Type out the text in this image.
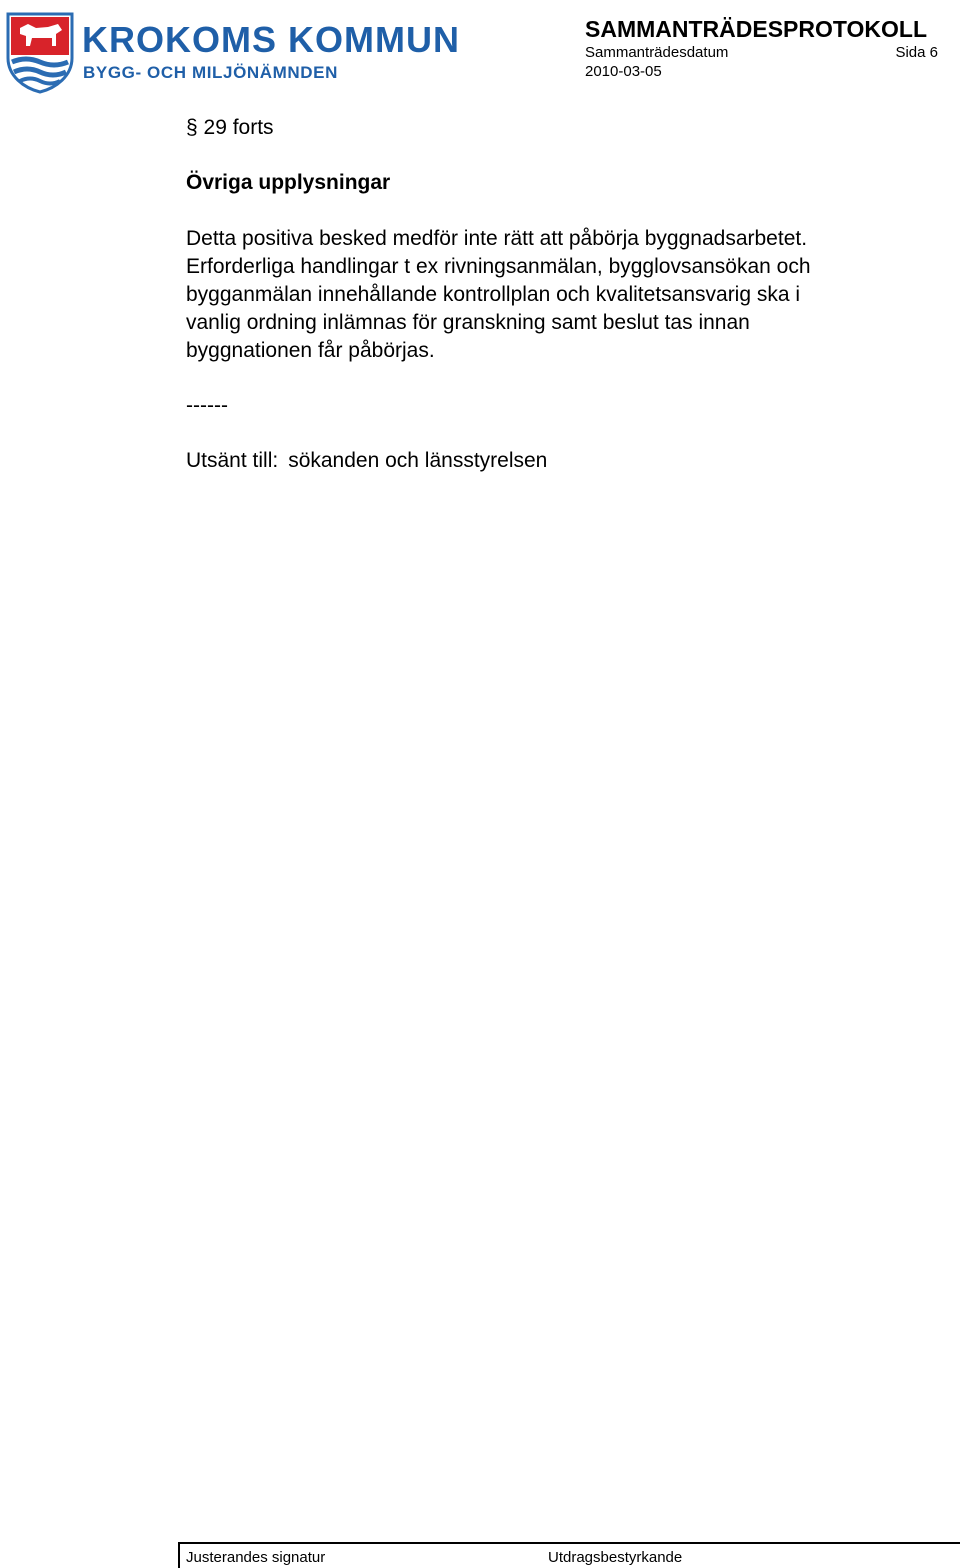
KROKOMS KOMMUN
BYGG- OCH MILJÖNÄMNDEN
SAMMANTRÄDESPROTOKOLL
Sammanträdesdatum	Sida 6
2010-03-05
§ 29 forts
Övriga upplysningar
Detta positiva besked medför inte rätt att påbörja byggnadsarbetet.
Erforderliga handlingar t ex rivningsanmälan, bygglovsansökan och
bygganmälan innehållande kontrollplan och kvalitetsansvarig ska i
vanlig ordning inlämnas för granskning samt beslut tas innan
byggnationen får påbörjas.
------
Utsänt till: sökanden och länsstyrelsen
Justerandes signatur	Utdragsbestyrkande
